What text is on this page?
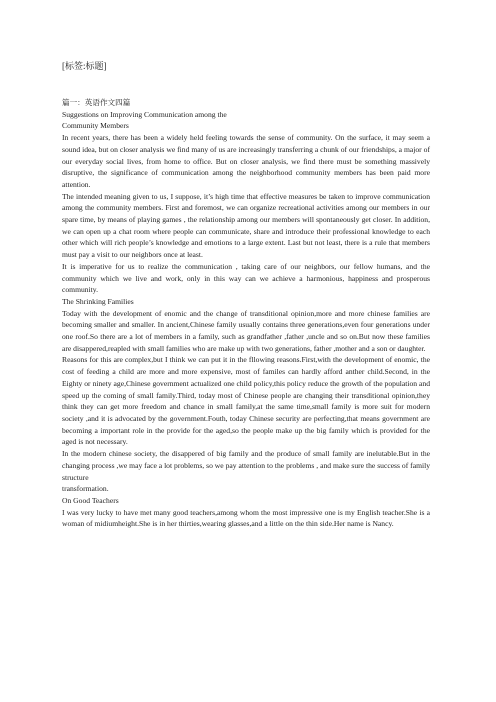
[标签:标题]

篇一：英语作文四篇

Suggestions on Improving Communication among the

Community Members

In recent years, there has been a widely held feeling towards the sense of community. On the surface, it may seem a sound idea, but on closer analysis we find many of us are increasingly transferring a chunk of our friendships, a major of our everyday social lives, from home to office. But on closer analysis, we find there must be something massively disruptive, the significance of communication among the neighborhood community members has been paid more attention.

The intended meaning given to us, I suppose, it’s high time that effective measures be taken to improve communication among the community members. First and foremost, we can organize recreational activities among our members in our spare time, by means of playing games , the relationship among our members will spontaneously get closer. In addition, we can open up a chat room where people can communicate, share and introduce their professional knowledge to each other which will rich people’s knowledge and emotions to a large extent. Last but not least, there is a rule that members must pay a visit to our neighbors once at least.

It is imperative for us to realize the communication , taking care of our neighbors, our fellow humans, and the community which we live and work, only in this way can we achieve a harmonious, happiness and prosperous community.

The Shrinking Families

Today with the development of enomic and the change of transditional opinion,more and more chinese families are becoming smaller and smaller. In ancient,Chinese family usually contains three generations,even four generations under one roof.So there are a lot of members in a family, such as grandfather ,father ,uncle and so on.But now these families are disappered,reapled with small families who are make up with two generations, father ,mother and a son or daughter.

Reasons for this are complex,but I think we can put it in the fllowing reasons.First,with the development of enomic, the cost of feeding a child are more and more expensive, most of familes can hardly afford anther child.Second, in the Eighty or ninety age,Chinese government actualized one child policy,this policy reduce the growth of the population and speed up the coming of small family.Third, today most of Chinese people are changing their transditional opinion,they think they can get more freedom and chance in small family,at the same time,small family is more suit for modern society ,and it is advocated by the government.Fouth, today Chinese security are perfecting,that means government are becoming a important role in the provide for the aged,so the people make up the big family which is provided for the aged is not necessary.

In the modern chinese society, the disappered of big family and the produce of small family are inelutable.But in the changing process ,we may face a lot problems, so we pay attention to the problems , and make sure the success of family structure

transformation.

On Good Teachers

I was very lucky to have met many good teachers,among whom the most impressive one is my English teacher.She is a woman of midiumheight.She is in her thirties,wearing glasses,and a little on the thin side.Her name is Nancy.
